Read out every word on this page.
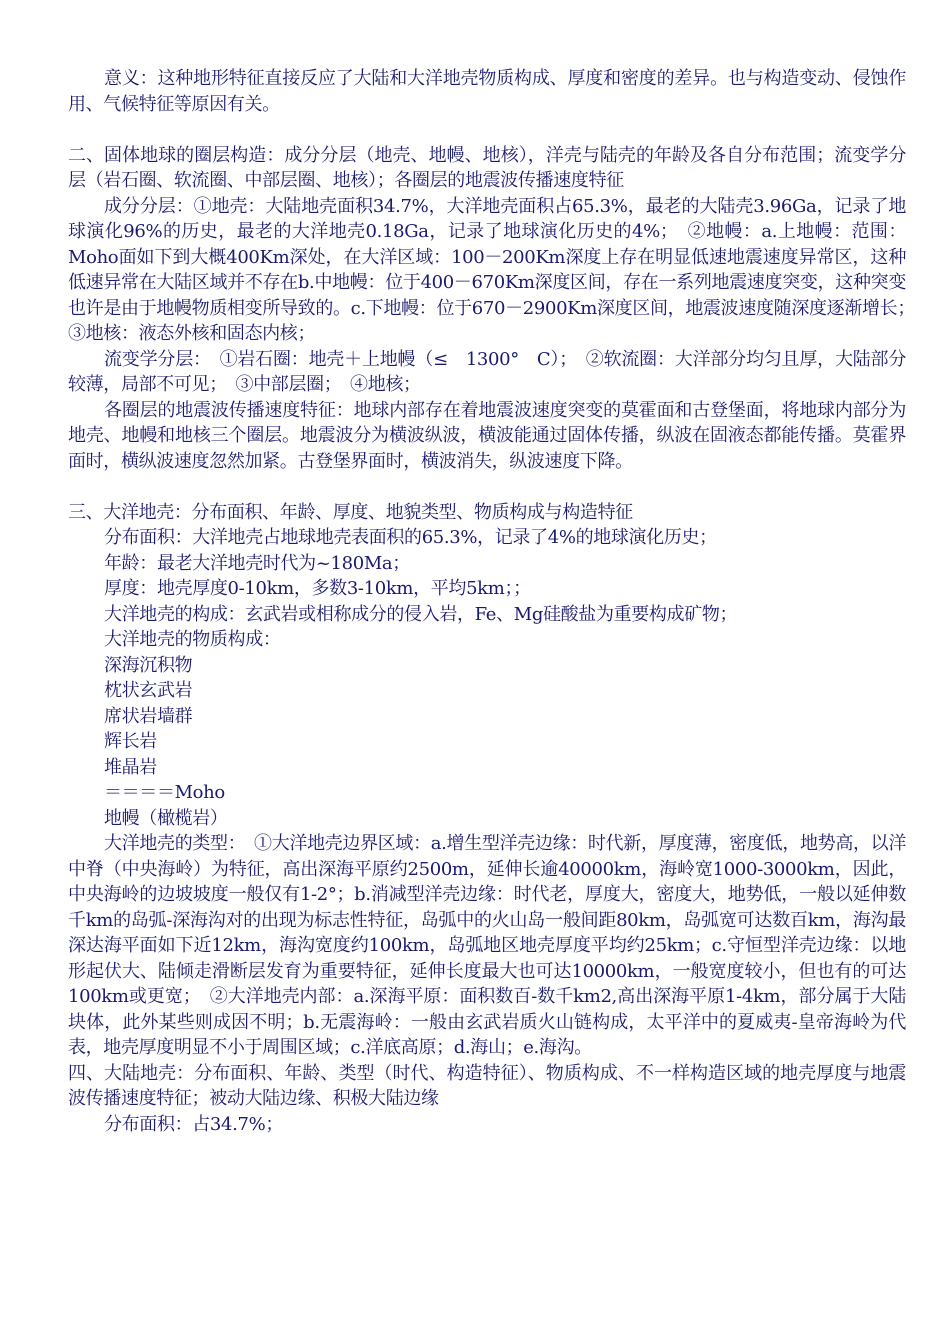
意义：这种地形特征直接反应了大陆和大洋地壳物质构成、厚度和密度的差异。也与构造变动、侵蚀作用、气候特征等原因有关。

二、固体地球的圈层构造：成分分层（地壳、地幔、地核），洋壳与陆壳的年龄及各自分布范围；流变学分层（岩石圈、软流圈、中部层圈、地核）；各圈层的地震波传播速度特征

成分分层：①地壳：大陆地壳面积34.7%，大洋地壳面积占65.3%，最老的大陆壳3.96Ga，记录了地球演化96%的历史，最老的大洋地壳0.18Ga，记录了地球演化历史的4%；　②地幔：a.上地幔：范围：Moho面如下到大概400Km深处，在大洋区域：100－200Km深度上存在明显低速地震速度异常区，这种低速异常在大陆区域并不存在b.中地幔：位于400－670Km深度区间，存在一系列地震速度突变，这种突变也许是由于地幔物质相变所导致的。c.下地幔：位于670－2900Km深度区间，地震波速度随深度逐渐增长；　③地核：液态外核和固态内核；

流变学分层：　①岩石圈：地壳＋上地幔（≤　1300°　C）；　②软流圈：大洋部分均匀且厚，大陆部分较薄，局部不可见；　③中部层圈；　④地核；

各圈层的地震波传播速度特征：地球内部存在着地震波速度突变的莫霍面和古登堡面，将地球内部分为地壳、地幔和地核三个圈层。地震波分为横波纵波，横波能通过固体传播，纵波在固液态都能传播。莫霍界面时，横纵波速度忽然加紧。古登堡界面时，横波消失，纵波速度下降。

三、大洋地壳：分布面积、年龄、厚度、地貌类型、物质构成与构造特征

分布面积：大洋地壳占地球地壳表面积的65.3%，记录了4%的地球演化历史；

年龄：最老大洋地壳时代为~180Ma；

厚度：地壳厚度0-10km，多数3-10km，平均5km；；

大洋地壳的构成：玄武岩或相称成分的侵入岩，Fe、Mg硅酸盐为重要构成矿物；

大洋地壳的物质构成：

深海沉积物

枕状玄武岩

席状岩墙群

辉长岩

堆晶岩

＝＝＝＝Moho

地幔（橄榄岩）

大洋地壳的类型：　①大洋地壳边界区域：a.增生型洋壳边缘：时代新，厚度薄，密度低，地势高，以洋中脊（中央海岭）为特征，高出深海平原约2500m，延伸长逾40000km，海岭宽1000-3000km，因此，中央海岭的边坡坡度一般仅有1-2°；b.消减型洋壳边缘：时代老，厚度大，密度大，地势低，一般以延伸数千km的岛弧-深海沟对的出现为标志性特征，岛弧中的火山岛一般间距80km，岛弧宽可达数百km，海沟最深达海平面如下近12km，海沟宽度约100km，岛弧地区地壳厚度平均约25km；c.守恒型洋壳边缘：以地形起伏大、陆倾走滑断层发育为重要特征，延伸长度最大也可达10000km，一般宽度较小，但也有的可达100km或更宽；　②大洋地壳内部：a.深海平原：面积数百-数千km2,高出深海平原1-4km，部分属于大陆块体，此外某些则成因不明；b.无震海岭：一般由玄武岩质火山链构成，太平洋中的夏威夷-皇帝海岭为代表，地壳厚度明显不小于周围区域；c.洋底高原；d.海山；e.海沟。

四、大陆地壳：分布面积、年龄、类型（时代、构造特征）、物质构成、不一样构造区域的地壳厚度与地震波传播速度特征；被动大陆边缘、积极大陆边缘

分布面积：占34.7%；
